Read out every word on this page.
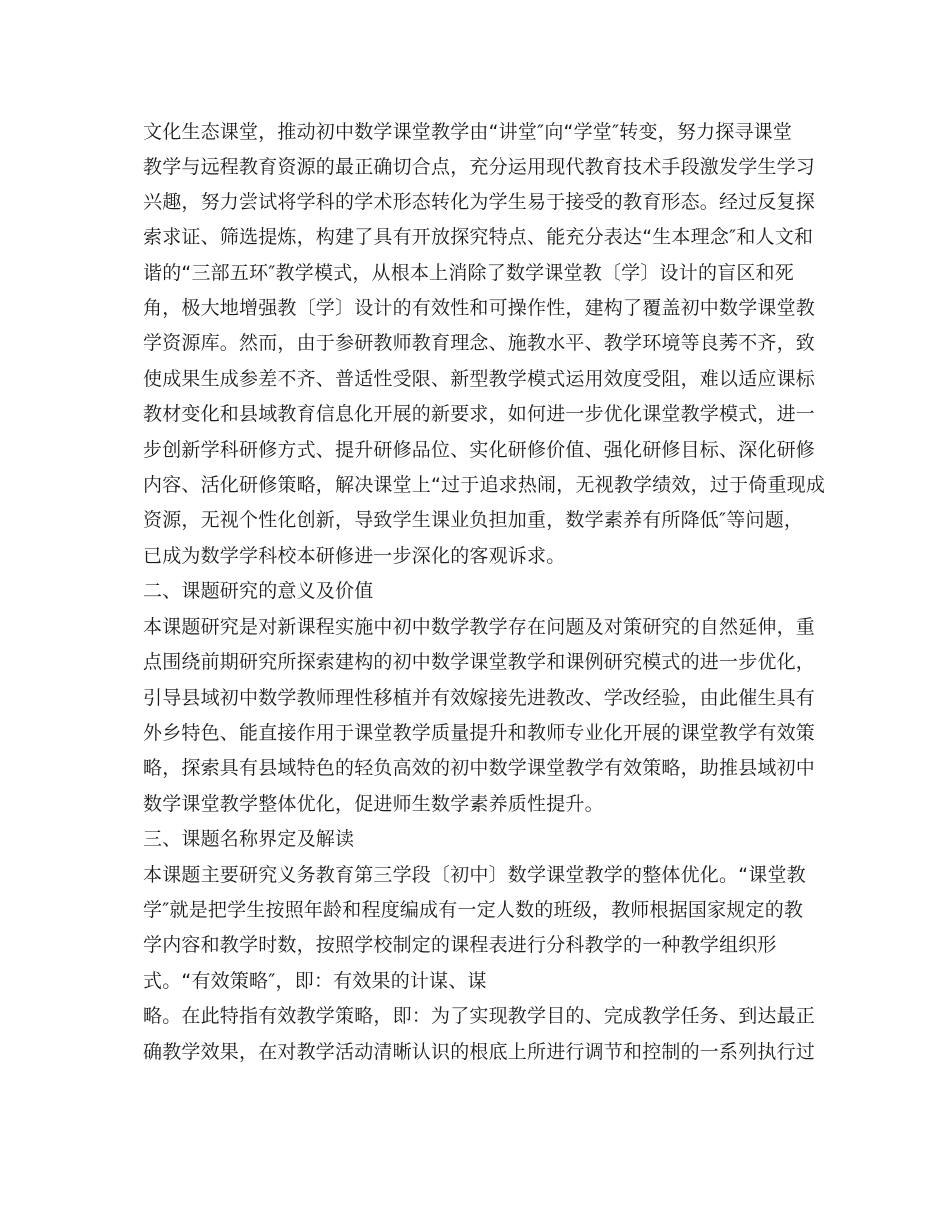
文化生态课堂，推动初中数学课堂教学由“讲堂″向“学堂″转变，努力探寻课堂
教学与远程教育资源的最正确切合点，充分运用现代教育技术手段激发学生学习
兴趣，努力尝试将学科的学术形态转化为学生易于接受的教育形态。经过反复探
索求证、筛选提炼，构建了具有开放探究特点、能充分表达“生本理念″和人文和
谐的“三部五环″教学模式，从根本上消除了数学课堂教〔学〕设计的盲区和死
角，极大地增强教〔学〕设计的有效性和可操作性，建构了覆盖初中数学课堂教
学资源库。然而，由于参研教师教育理念、施教水平、教学环境等良莠不齐，致
使成果生成参差不齐、普适性受限、新型教学模式运用效度受阻，难以适应课标
教材变化和县域教育信息化开展的新要求，如何进一步优化课堂教学模式，进一
步创新学科研修方式、提升研修品位、实化研修价值、强化研修目标、深化研修
内容、活化研修策略，解决课堂上“过于追求热闹，无视教学绩效，过于倚重现成
资源，无视个性化创新，导致学生课业负担加重，数学素养有所降低″等问题，
已成为数学学科校本研修进一步深化的客观诉求。
二、课题研究的意义及价值
本课题研究是对新课程实施中初中数学教学存在问题及对策研究的自然延伸，重
点围绕前期研究所探索建构的初中数学课堂教学和课例研究模式的进一步优化，
引导县域初中数学教师理性移植并有效嫁接先进教改、学改经验，由此催生具有
外乡特色、能直接作用于课堂教学质量提升和教师专业化开展的课堂教学有效策
略，探索具有县域特色的轻负高效的初中数学课堂教学有效策略，助推县域初中
数学课堂教学整体优化，促进师生数学素养质性提升。
三、课题名称界定及解读
本课题主要研究义务教育第三学段〔初中〕数学课堂教学的整体优化。“课堂教
学″就是把学生按照年龄和程度编成有一定人数的班级，教师根据国家规定的教
学内容和教学时数，按照学校制定的课程表进行分科教学的一种教学组织形
式。“有效策略″，即：有效果的计谋、谋
略。在此特指有效教学策略，即：为了实现教学目的、完成教学任务、到达最正
确教学效果，在对教学活动清晰认识的根底上所进行调节和控制的一系列执行过
